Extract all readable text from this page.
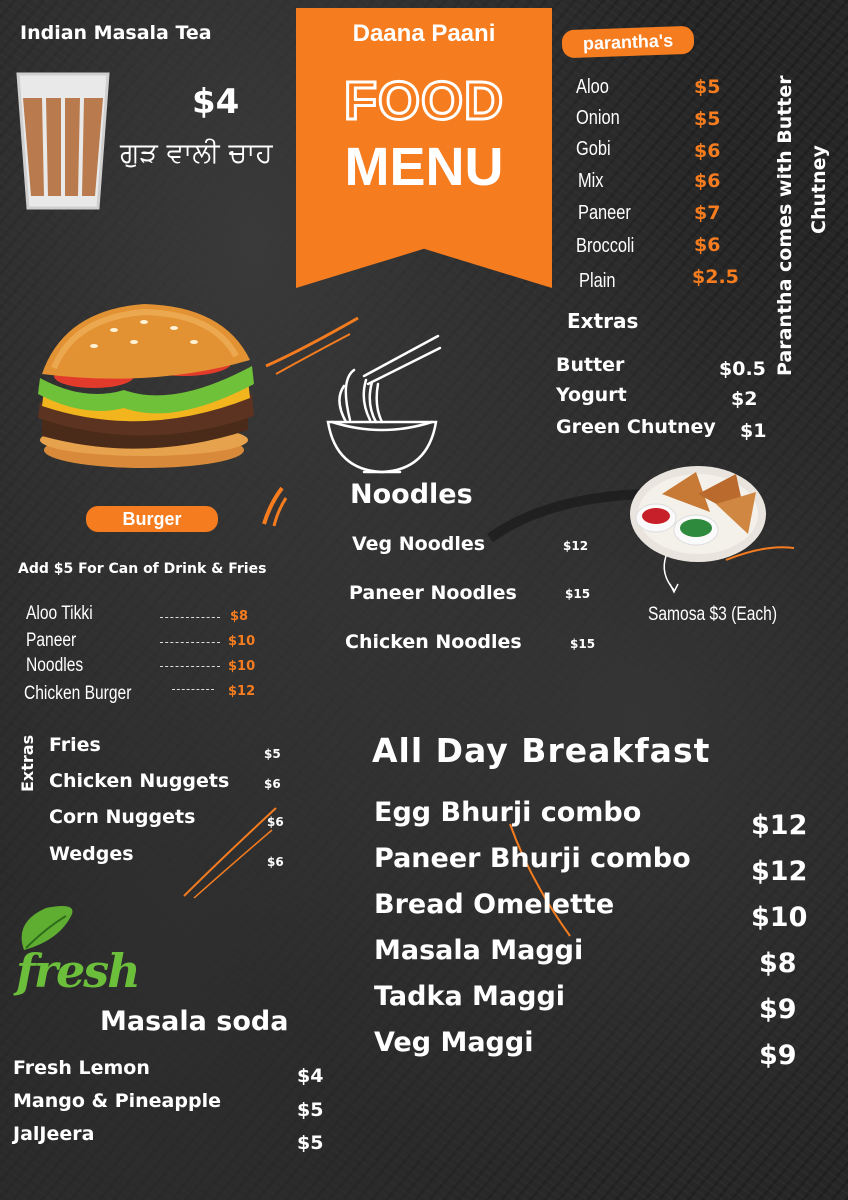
Indian Masala Tea
$4
ਗੁੜ ਵਾਲੀ ਚਾਹ
Daana Paani
FOOD
MENU
parantha's
Aloo
Onion
Gobi
Mix
Paneer
Broccoli
Plain
$5
$5
$6
$6
$7
$6
$2.5 Parantha comes with Butter Chutney
Extras
Butter
Yogurt
Green Chutney
$0.5
$2
$1
Burger
Add $5 For Can of Drink & Fries
Aloo Tikki
Paneer
Noodles
Chicken Burger
$8
$10
$10
$12
Extras Fries
Chicken Nuggets
Corn Nuggets
Wedges
$5
$6
$6
$6
Noodles
Veg Noodles
Paneer Noodles
Chicken Noodles
$12
$15
$15
Samosa $3 (Each)
All Day Breakfast
Egg Bhurji combo
Paneer Bhurji combo
Bread Omelette
Masala Maggi
Tadka Maggi
Veg Maggi
$12
$12
$10
$8
$9
$9
fresh
Masala soda
Fresh Lemon
Mango & Pineapple
JalJeera
$4
$5
$5
